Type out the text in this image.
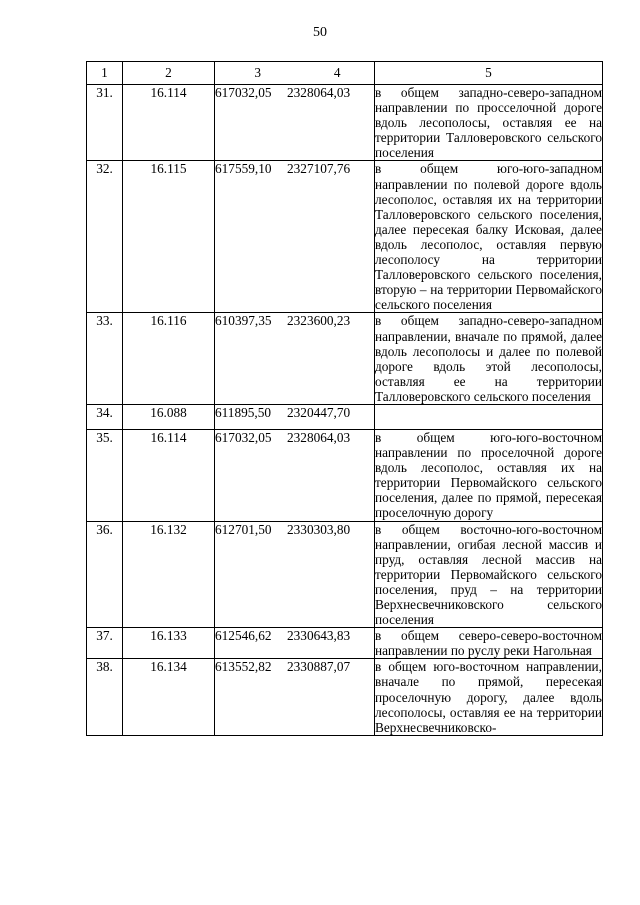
50
1	2	3	4	5
31.	16.114	617032,05 2328064,03		в общем западно-северо-западном направлении по просселочной дороге вдоль лесополосы, оставляя ее на территории Талловеровского сельского поселения
32.	16.115	617559,10 2327107,76		в общем юго-юго-западном направлении по полевой дороге вдоль лесополос, оставляя их на территории Талловеровского сельского поселения, далее пересекая балку Исковая, далее вдоль лесополос, оставляя первую лесополосу на территории Талловеровского сельского поселения, вторую – на территории Первомайского сельского поселения
33.	16.116	610397,35 2323600,23		в общем западно-северо-западном направлении, вначале по прямой, далее вдоль лесополосы и далее по полевой дороге вдоль этой лесополосы, оставляя ее на территории Талловеровского сельского поселения
34.	16.088	611895,50 2320447,70		
35.	16.114	617032,05 2328064,03		в общем юго-юго-восточном направлении по проселочной дороге вдоль лесополос, оставляя их на территории Первомайского сельского поселения, далее по прямой, пересекая проселочную дорогу
36.	16.132	612701,50 2330303,80		в общем восточно-юго-восточном направлении, огибая лесной массив и пруд, оставляя лесной массив на территории Первомайского сельского поселения, пруд – на территории Верхнесвечниковского сельского поселения
37.	16.133	612546,62 2330643,83		в общем северо-северо-восточном направлении по руслу реки Нагольная
38.	16.134	613552,82 2330887,07		в общем юго-восточном направлении, вначале по прямой, пересекая проселочную дорогу, далее вдоль лесополосы, оставляя ее на территории Верхнесвечниковско-
